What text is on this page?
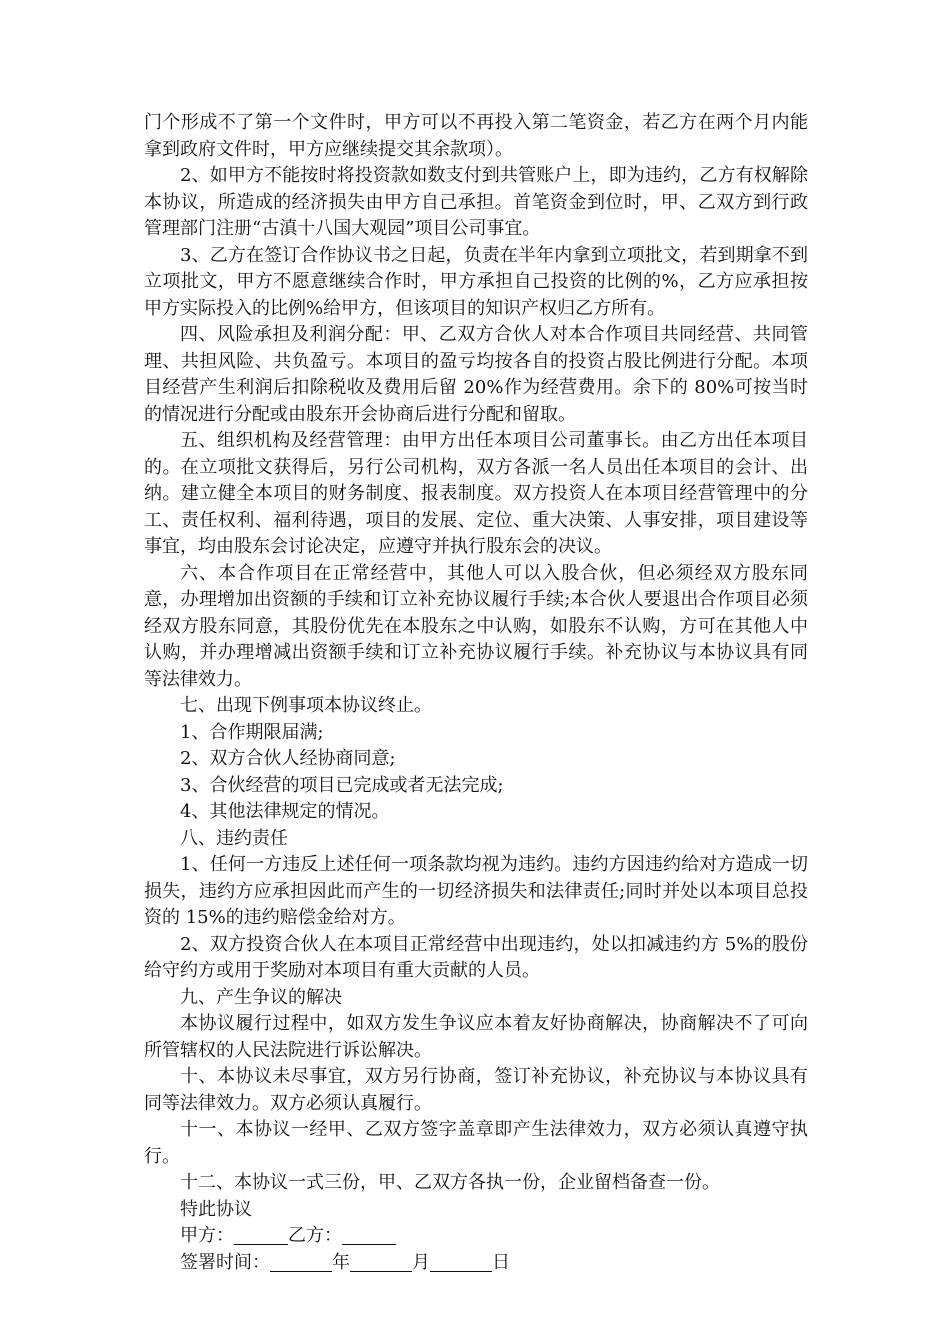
门个形成不了第一个文件时，甲方可以不再投入第二笔资金，若乙方在两个月内能拿到政府文件时，甲方应继续提交其余款项）。

2、如甲方不能按时将投资款如数支付到共管账户上，即为违约，乙方有权解除本协议，所造成的经济损失由甲方自己承担。首笔资金到位时，甲、乙双方到行政管理部门注册“古滇十八国大观园”项目公司事宜。

3、乙方在签订合作协议书之日起，负责在半年内拿到立项批文，若到期拿不到立项批文，甲方不愿意继续合作时，甲方承担自己投资的比例的%，乙方应承担按甲方实际投入的比例%给甲方，但该项目的知识产权归乙方所有。

四、风险承担及利润分配：甲、乙双方合伙人对本合作项目共同经营、共同管理、共担风险、共负盈亏。本项目的盈亏均按各自的投资占股比例进行分配。本项目经营产生利润后扣除税收及费用后留 20%作为经营费用。余下的 80%可按当时的情况进行分配或由股东开会协商后进行分配和留取。

五、组织机构及经营管理：由甲方出任本项目公司董事长。由乙方出任本项目的。在立项批文获得后，另行公司机构，双方各派一名人员出任本项目的会计、出纳。建立健全本项目的财务制度、报表制度。双方投资人在本项目经营管理中的分工、责任权利、福利待遇，项目的发展、定位、重大决策、人事安排，项目建设等事宜，均由股东会讨论决定，应遵守并执行股东会的决议。

六、本合作项目在正常经营中，其他人可以入股合伙，但必须经双方股东同意，办理增加出资额的手续和订立补充协议履行手续;本合伙人要退出合作项目必须经双方股东同意，其股份优先在本股东之中认购，如股东不认购，方可在其他人中认购，并办理增减出资额手续和订立补充协议履行手续。补充协议与本协议具有同等法律效力。

七、出现下例事项本协议终止。

1、合作期限届满;

2、双方合伙人经协商同意;

3、合伙经营的项目已完成或者无法完成;

4、其他法律规定的情况。

八、违约责任

1、任何一方违反上述任何一项条款均视为违约。违约方因违约给对方造成一切损失，违约方应承担因此而产生的一切经济损失和法律责任;同时并处以本项目总投资的 15%的违约赔偿金给对方。

2、双方投资合伙人在本项目正常经营中出现违约，处以扣减违约方 5%的股份给守约方或用于奖励对本项目有重大贡献的人员。

九、产生争议的解决

本协议履行过程中，如双方发生争议应本着友好协商解决，协商解决不了可向所管辖权的人民法院进行诉讼解决。

十、本协议未尽事宜，双方另行协商，签订补充协议，补充协议与本协议具有同等法律效力。双方必须认真履行。

十一、本协议一经甲、乙双方签字盖章即产生法律效力，双方必须认真遵守执行。

十二、本协议一式三份，甲、乙双方各执一份，企业留档备查一份。

特此协议

甲方：	乙方：

签署时间：	年	月	日
